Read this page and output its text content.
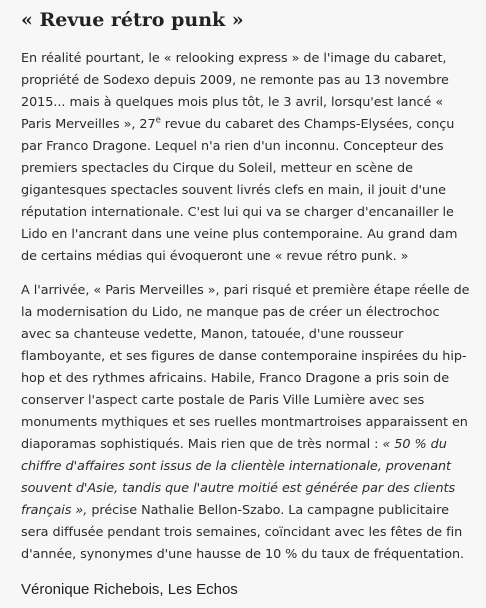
« Revue rétro punk »

En réalité pourtant, le « relooking express » de l'image du cabaret, propriété de Sodexo depuis 2009, ne remonte pas au 13 novembre 2015... mais à quelques mois plus tôt, le 3 avril, lorsqu'est lancé « Paris Merveilles », 27e revue du cabaret des Champs-Elysées, conçu par Franco Dragone. Lequel n'a rien d'un inconnu. Concepteur des premiers spectacles du Cirque du Soleil, metteur en scène de gigantesques spectacles souvent livrés clefs en main, il jouit d'une réputation internationale. C'est lui qui va se charger d'encanailler le Lido en l'ancrant dans une veine plus contemporaine. Au grand dam de certains médias qui évoqueront une « revue rétro punk. »

A l'arrivée, « Paris Merveilles », pari risqué et première étape réelle de la modernisation du Lido, ne manque pas de créer un électrochoc avec sa chanteuse vedette, Manon, tatouée, d'une rousseur flamboyante, et ses figures de danse contemporaine inspirées du hip-hop et des rythmes africains. Habile, Franco Dragone a pris soin de conserver l'aspect carte postale de Paris Ville Lumière avec ses monuments mythiques et ses ruelles montmartroises apparaissent en diaporamas sophistiqués. Mais rien que de très normal : « 50 % du chiffre d'affaires sont issus de la clientèle internationale, provenant souvent d'Asie, tandis que l'autre moitié est générée par des clients français », précise Nathalie Bellon-Szabo. La campagne publicitaire sera diffusée pendant trois semaines, coïncidant avec les fêtes de fin d'année, synonymes d'une hausse de 10 % du taux de fréquentation.

Véronique Richebois, Les Echos
